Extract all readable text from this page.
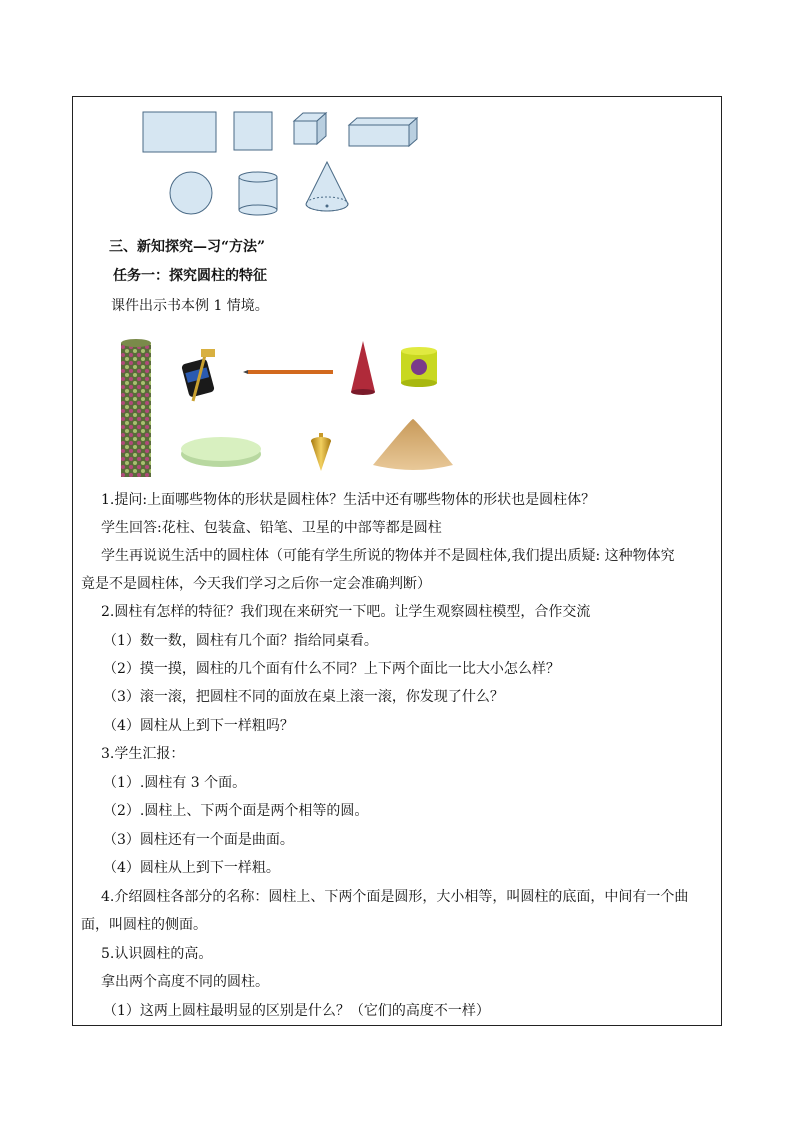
三、新知探究—习“方法”
任务一：探究圆柱的特征
课件出示书本例 1 情境。
1.提问:上面哪些物体的形状是圆柱体？生活中还有哪些物体的形状也是圆柱体？
学生回答:花柱、包装盒、铅笔、卫星的中部等都是圆柱
学生再说说生活中的圆柱体（可能有学生所说的物体并不是圆柱体,我们提出质疑: 这种物体究
竟是不是圆柱体，今天我们学习之后你一定会准确判断）
2.圆柱有怎样的特征？我们现在来研究一下吧。让学生观察圆柱模型，合作交流
（1）数一数，圆柱有几个面？指给同桌看。
（2）摸一摸，圆柱的几个面有什么不同？上下两个面比一比大小怎么样？
（3）滚一滚，把圆柱不同的面放在桌上滚一滚，你发现了什么？
（4）圆柱从上到下一样粗吗？
3.学生汇报：
（1）.圆柱有 3 个面。
（2）.圆柱上、下两个面是两个相等的圆。
（3）圆柱还有一个面是曲面。
（4）圆柱从上到下一样粗。
4.介绍圆柱各部分的名称：圆柱上、下两个面是圆形，大小相等，叫圆柱的底面，中间有一个曲
面，叫圆柱的侧面。
5.认识圆柱的高。
拿出两个高度不同的圆柱。
（1）这两上圆柱最明显的区别是什么？（它们的高度不一样）
